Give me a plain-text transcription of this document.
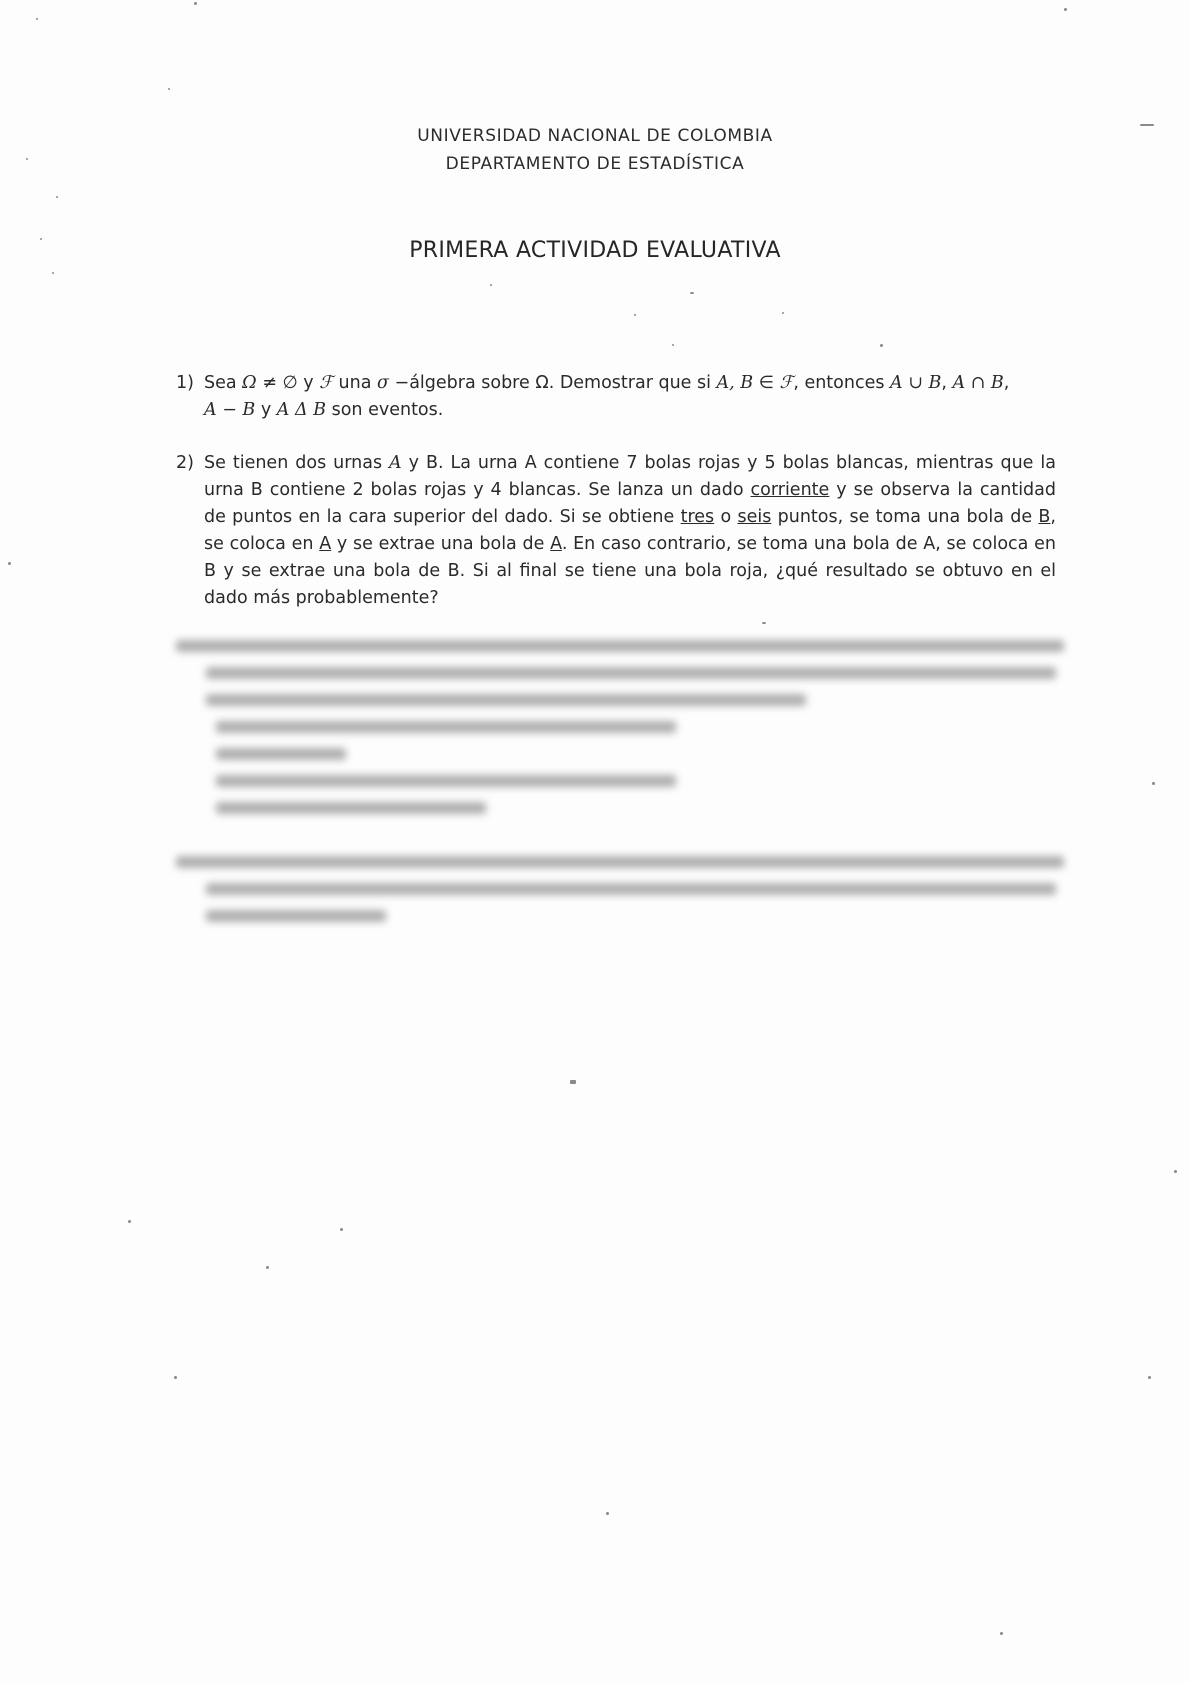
UNIVERSIDAD NACIONAL DE COLOMBIA
DEPARTAMENTO DE ESTADÍSTICA
PRIMERA ACTIVIDAD EVALUATIVA
1) Sea Ω ≠ ∅ y ℱ una σ −álgebra sobre Ω. Demostrar que si A, B ∈ ℱ, entonces A ∪ B, A ∩ B,
A − B y A Δ B son eventos.
2) Se tienen dos urnas A y B. La urna A contiene 7 bolas rojas y 5 bolas blancas, mientras que la urna B contiene 2 bolas rojas y 4 blancas. Se lanza un dado corriente y se observa la cantidad de puntos en la cara superior del dado. Si se obtiene tres o seis puntos, se toma una bola de B, se coloca en A y se extrae una bola de A. En caso contrario, se toma una bola de A, se coloca en B y se extrae una bola de B. Si al final se tiene una bola roja, ¿qué resultado se obtuvo en el dado más probablemente?
